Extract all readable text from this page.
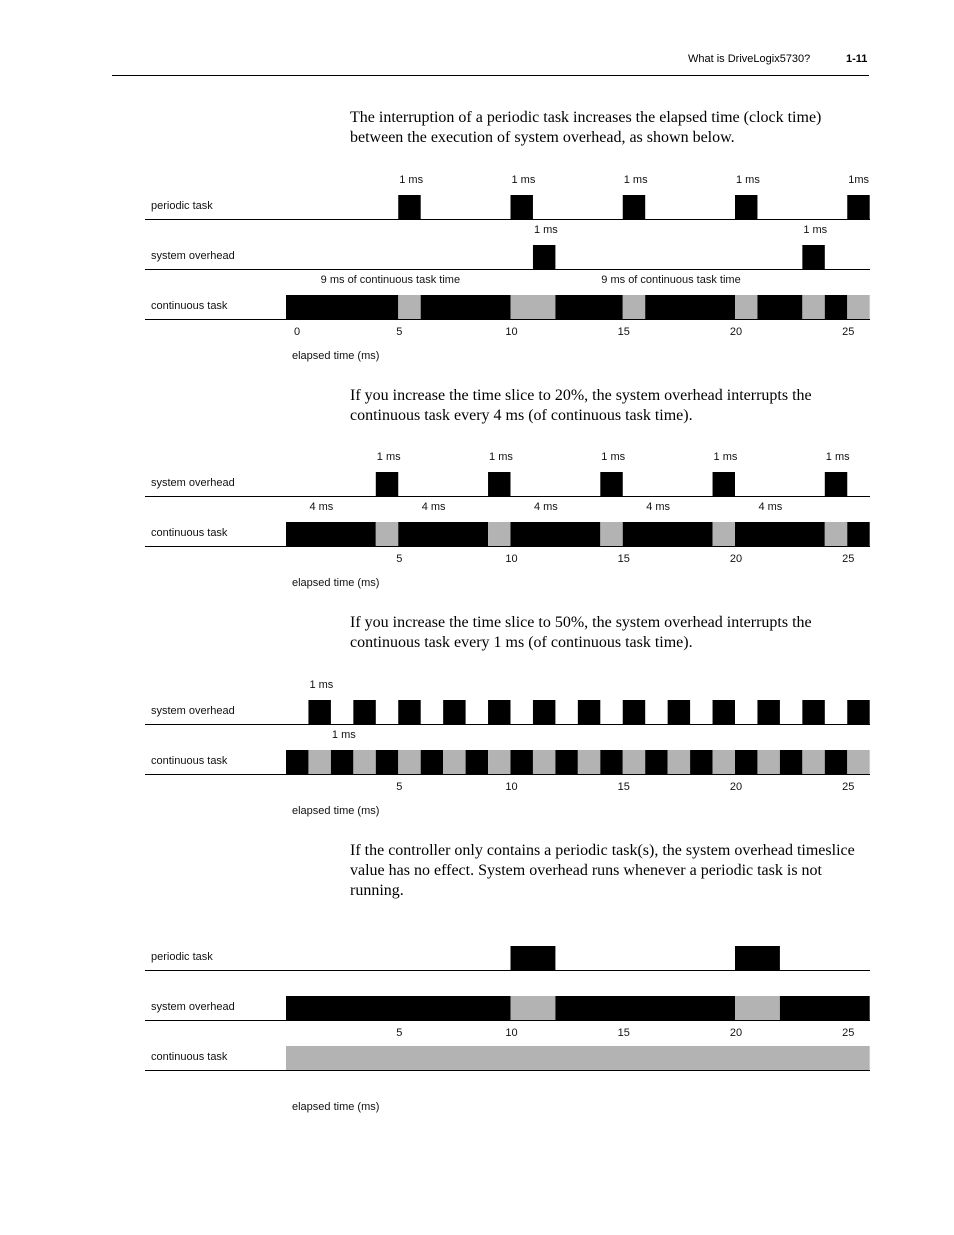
What is DriveLogix5730?	1-11

The interruption of a periodic task increases the elapsed time (clock time) between the execution of system overhead, as shown below.

periodic task
1 ms	1 ms	1 ms	1 ms	1ms
system overhead
1 ms	1 ms
continuous task
9 ms of continuous task time	9 ms of continuous task time
0	5	10	15	20	25
elapsed time (ms)

If you increase the time slice to 20%, the system overhead interrupts the continuous task every 4 ms (of continuous task time).

system overhead
1 ms	1 ms	1 ms	1 ms	1 ms
continuous task
4 ms	4 ms	4 ms	4 ms	4 ms
5	10	15	20	25
elapsed time (ms)

If you increase the time slice to 50%, the system overhead interrupts the continuous task every 1 ms (of continuous task time).

system overhead
1 ms
continuous task
1 ms
5	10	15	20	25
elapsed time (ms)

If the controller only contains a periodic task(s), the system overhead timeslice value has no effect. System overhead runs whenever a periodic task is not running.

periodic task
system overhead
continuous task
5	10	15	20	25
elapsed time (ms)
